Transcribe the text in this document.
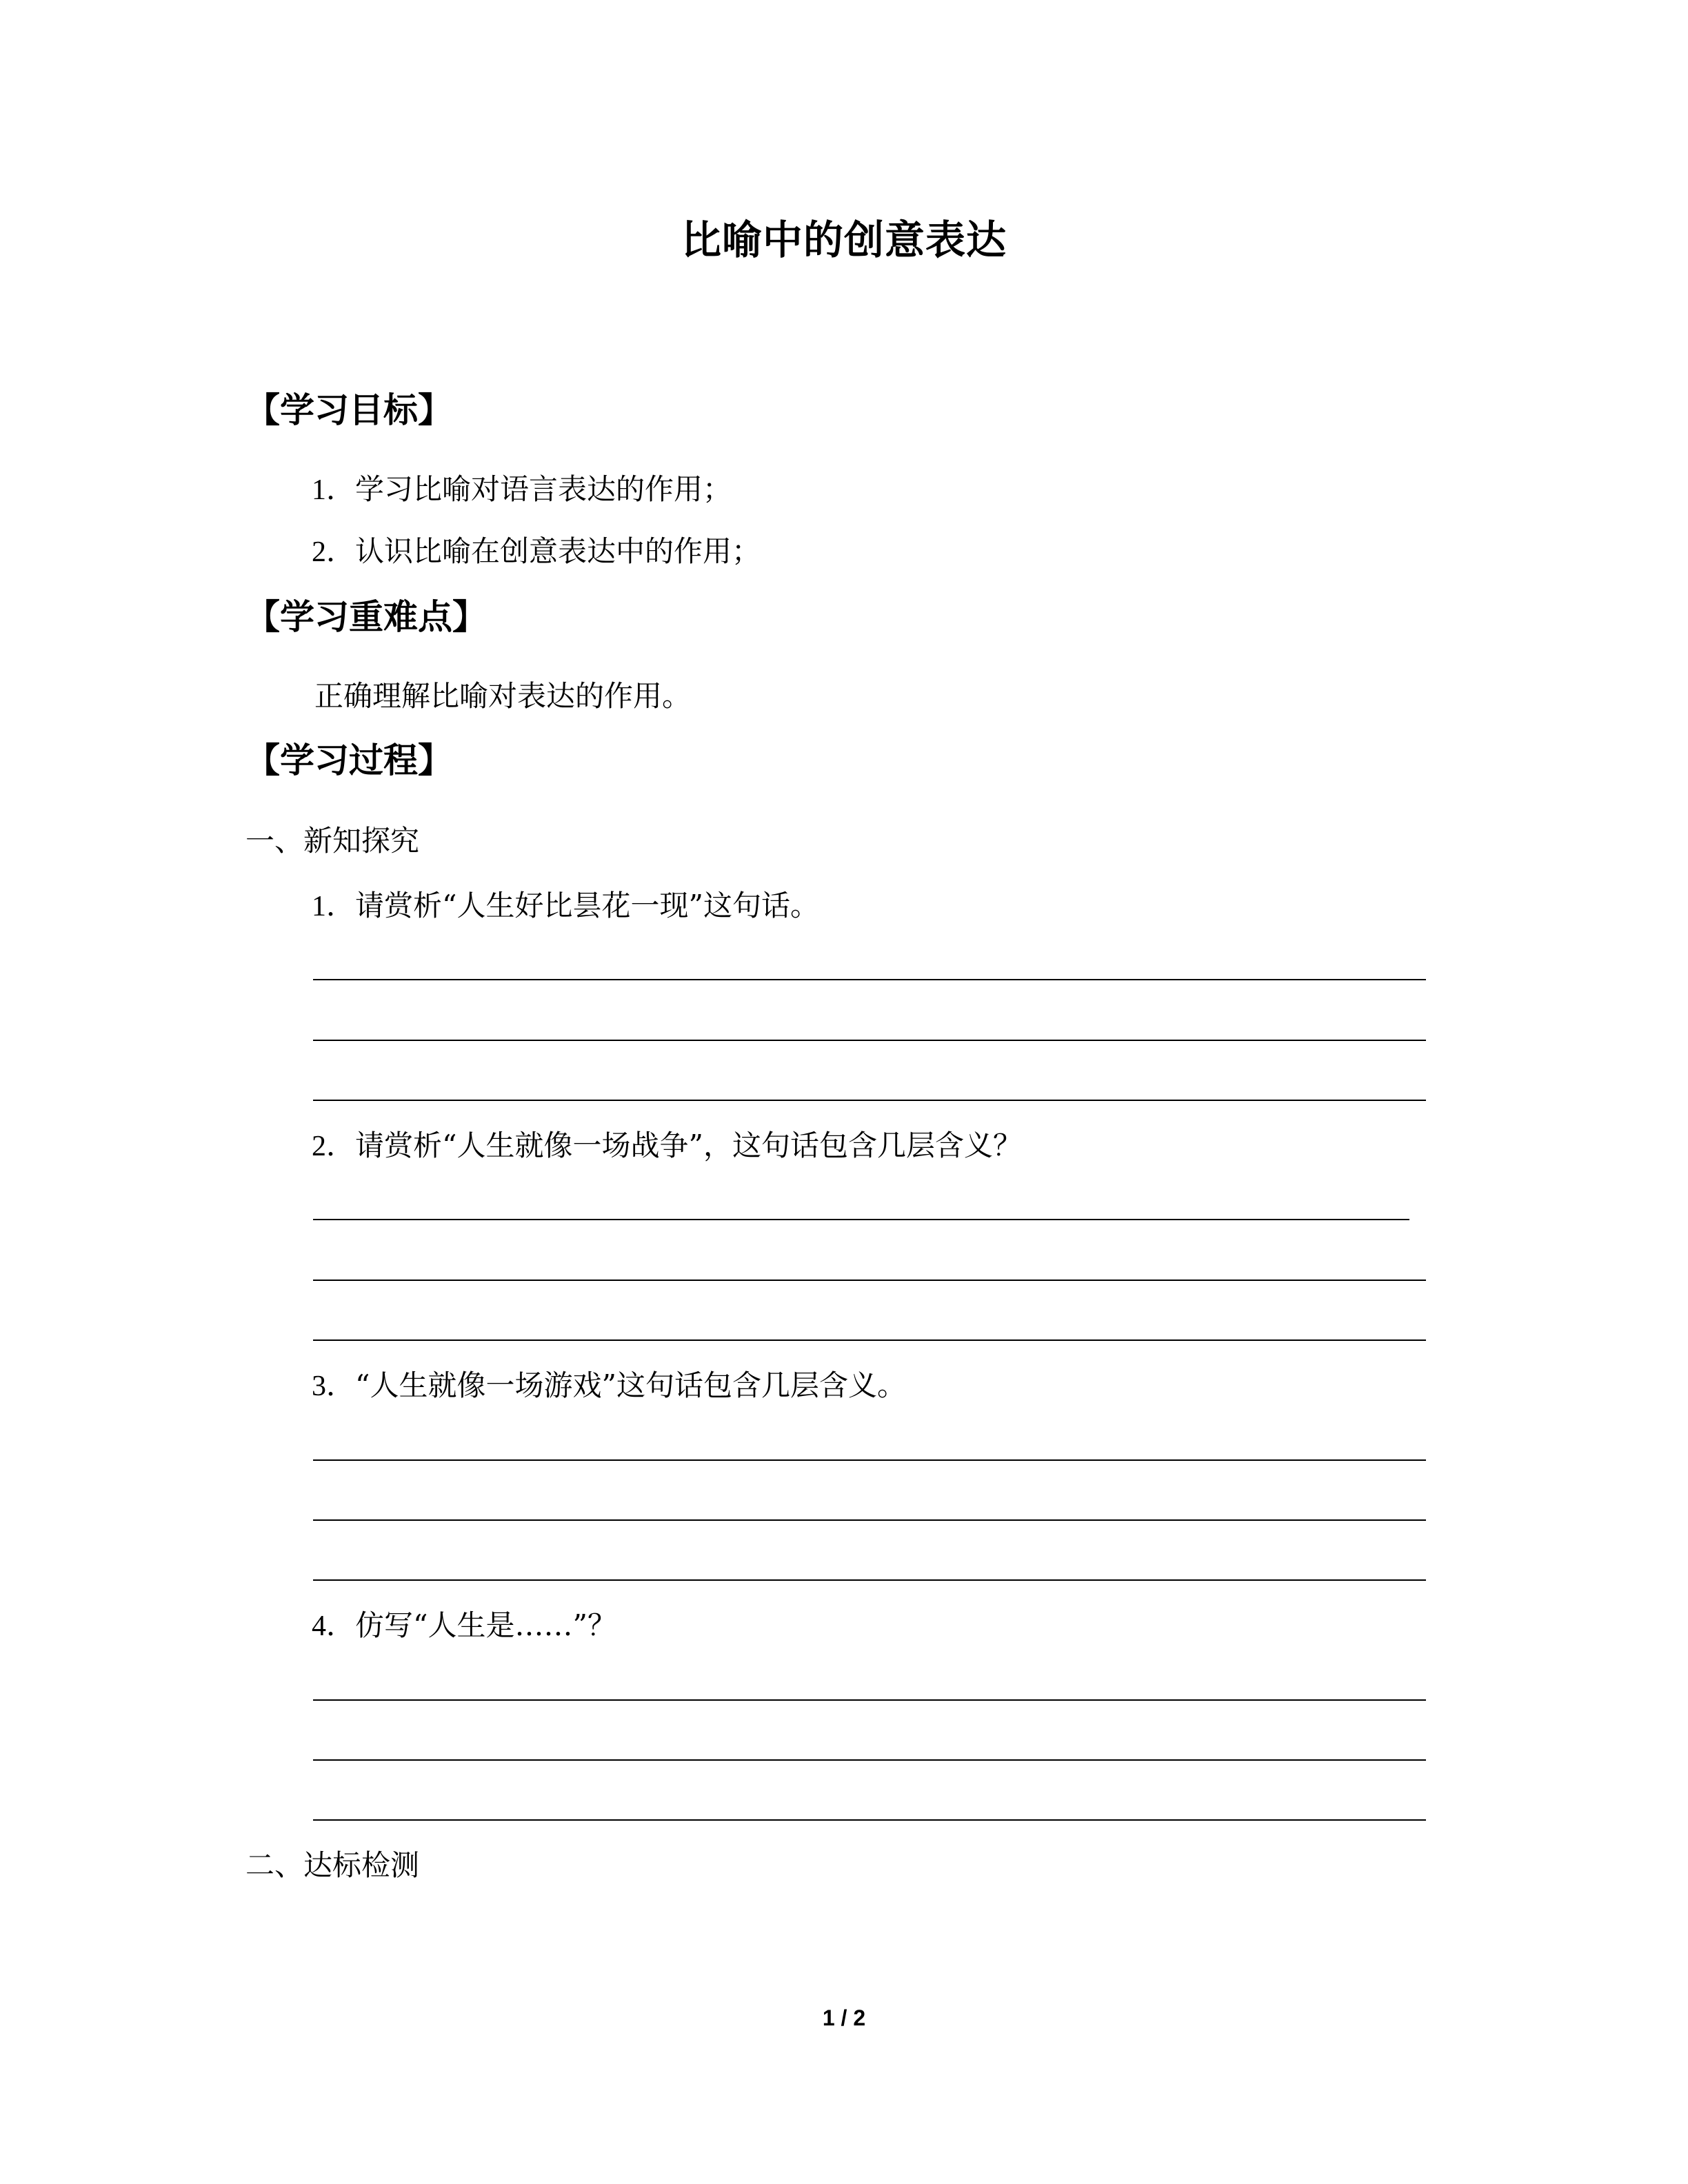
比喻中的创意表达
【学习目标】
1．学习比喻对语言表达的作用；
2．认识比喻在创意表达中的作用；
【学习重难点】
正确理解比喻对表达的作用。
【学习过程】
一、新知探究
1．请赏析“人生好比昙花一现”这句话。
2．请赏析“人生就像一场战争”，这句话包含几层含义？
3．“人生就像一场游戏”这句话包含几层含义。
4．仿写“人生是……”？
二、达标检测
1 / 2
